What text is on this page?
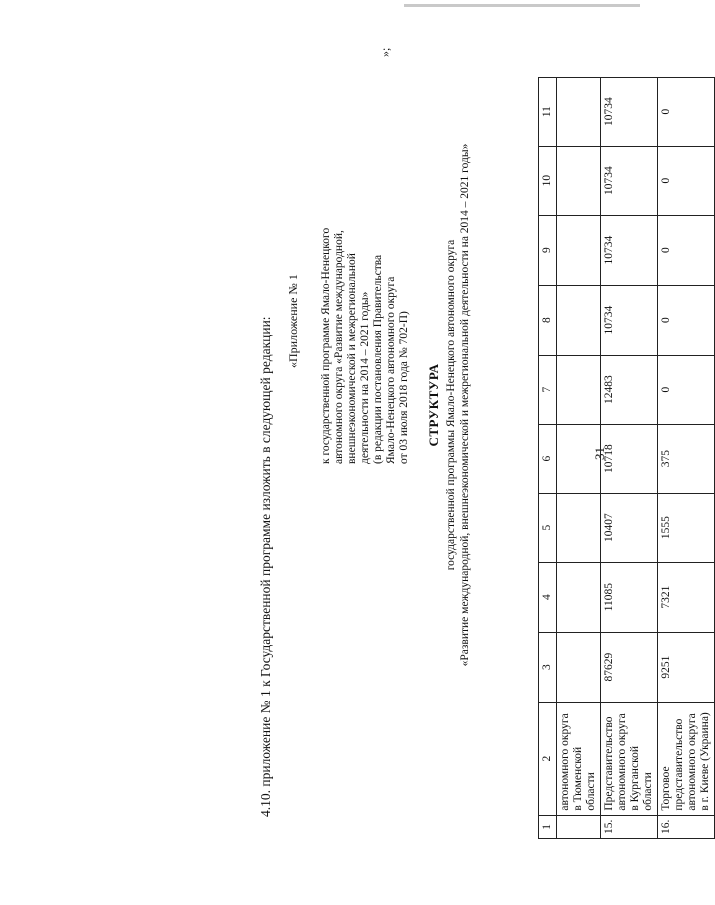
31
1	2	3	4	5	6	7	8	9	10	11
	автономного округа в Тюменской области									
15.	Представительство автономного округа в Курганской области	87629	11085	10407	10718	12483	10734	10734	10734	10734
16.	Торговое представительство автономного округа в г. Киеве (Украина)	9251	7321	1555	375	0	0	0	0	0
»;
4.10. приложение № 1 к Государственной программе изложить в следующей редакции: «Приложение № 1 к государственной программе Ямало-Ненецкого автономного округа «Развитие международной, внешнеэкономической и межрегиональной деятельности на 2014 – 2021 годы» (в редакции постановления Правительства Ямало-Ненецкого автономного округа от 03 июля 2018 года № 702-П) СТРУКТУРА государственной программы Ямало-Ненецкого автономного округа «Развитие международной, внешнеэкономической и межрегиональной деятельности на 2014 – 2021 годы»
